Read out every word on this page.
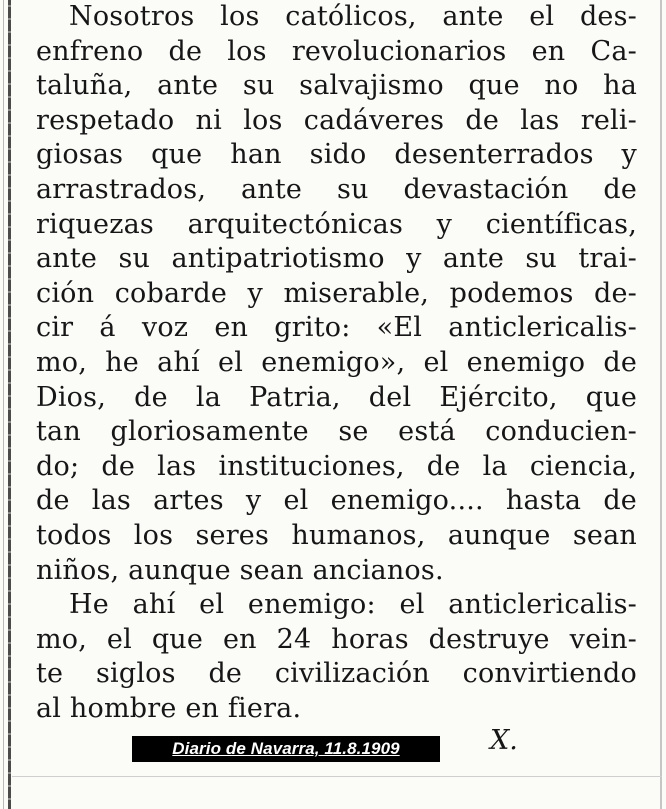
Nosotros los católicos, ante el des-
enfreno de los revolucionarios en Ca-
taluña, ante su salvajismo que no ha
respetado ni los cadáveres de las reli-
giosas que han sido desenterrados y
arrastrados, ante su devastación de
riquezas arquitectónicas y científicas,
ante su antipatriotismo y ante su trai-
ción cobarde y miserable, podemos de-
cir á voz en grito: «El anticlericalis-
mo, he ahí el enemigo», el enemigo de
Dios, de la Patria, del Ejército, que
tan gloriosamente se está conducien-
do; de las instituciones, de la ciencia,
de las artes y el enemigo.... hasta de
todos los seres humanos, aunque sean
niños, aunque sean ancianos.
He ahí el enemigo: el anticlericalis-
mo, el que en 24 horas destruye vein-
te siglos de civilización convirtiendo
al hombre en fiera.
X.
Diario de Navarra, 11.8.1909
